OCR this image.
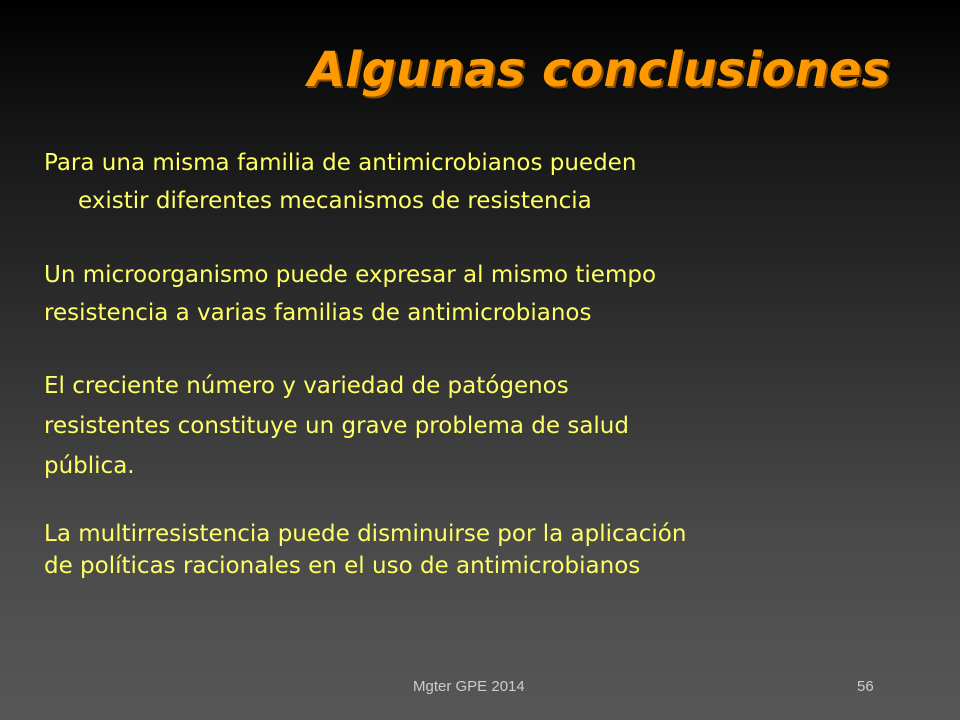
Algunas conclusiones
Para una misma familia de antimicrobianos pueden
existir diferentes mecanismos de resistencia
Un microorganismo puede expresar al mismo tiempo
resistencia a varias familias de antimicrobianos
El creciente número y variedad de patógenos
resistentes constituye un grave problema de salud
pública.
La multirresistencia puede disminuirse por la aplicación
de políticas racionales en el uso de antimicrobianos
Mgter GPE 2014	56
